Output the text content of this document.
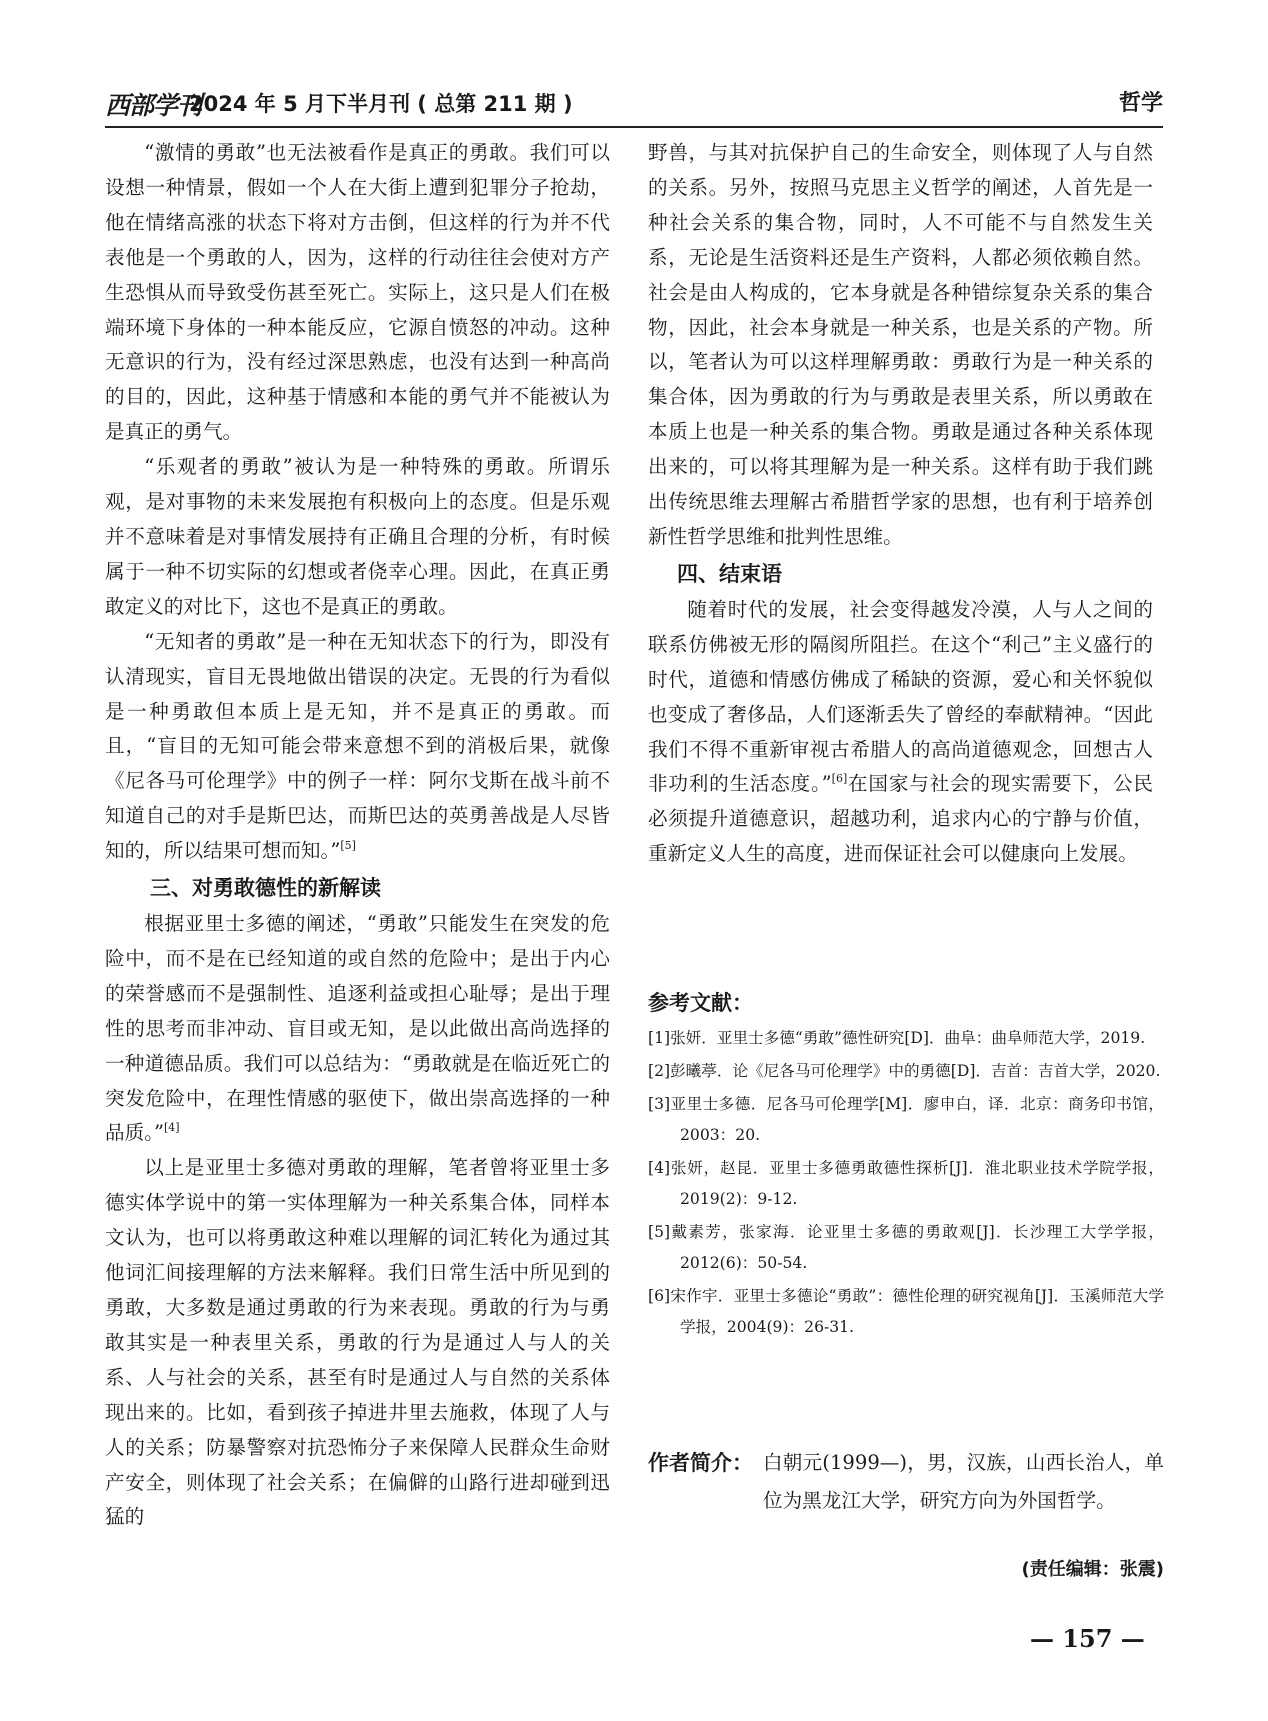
西部学刊
2024 年 5 月下半月刊 ( 总第 211 期 )	哲学

“激情的勇敢”也无法被看作是真正的勇敢。我们可以设想一种情景，假如一个人在大街上遭到犯罪分子抢劫，他在情绪高涨的状态下将对方击倒，但这样的行为并不代表他是一个勇敢的人，因为，这样的行动往往会使对方产生恐惧从而导致受伤甚至死亡。实际上，这只是人们在极端环境下身体的一种本能反应，它源自愤怒的冲动。这种无意识的行为，没有经过深思熟虑，也没有达到一种高尚的目的，因此，这种基于情感和本能的勇气并不能被认为是真正的勇气。

“乐观者的勇敢”被认为是一种特殊的勇敢。所谓乐观，是对事物的未来发展抱有积极向上的态度。但是乐观并不意味着是对事情发展持有正确且合理的分析，有时候属于一种不切实际的幻想或者侥幸心理。因此，在真正勇敢定义的对比下，这也不是真正的勇敢。

“无知者的勇敢”是一种在无知状态下的行为，即没有认清现实，盲目无畏地做出错误的决定。无畏的行为看似是一种勇敢但本质上是无知，并不是真正的勇敢。而且，“盲目的无知可能会带来意想不到的消极后果，就像《尼各马可伦理学》中的例子一样：阿尔戈斯在战斗前不知道自己的对手是斯巴达，而斯巴达的英勇善战是人尽皆知的，所以结果可想而知。”[5]

三、对勇敢德性的新解读

根据亚里士多德的阐述，“勇敢”只能发生在突发的危险中，而不是在已经知道的或自然的危险中；是出于内心的荣誉感而不是强制性、追逐利益或担心耻辱；是出于理性的思考而非冲动、盲目或无知，是以此做出高尚选择的一种道德品质。我们可以总结为：“勇敢就是在临近死亡的突发危险中，在理性情感的驱使下，做出崇高选择的一种品质。”[4]

以上是亚里士多德对勇敢的理解，笔者曾将亚里士多德实体学说中的第一实体理解为一种关系集合体，同样本文认为，也可以将勇敢这种难以理解的词汇转化为通过其他词汇间接理解的方法来解释。我们日常生活中所见到的勇敢，大多数是通过勇敢的行为来表现。勇敢的行为与勇敢其实是一种表里关系，勇敢的行为是通过人与人的关系、人与社会的关系，甚至有时是通过人与自然的关系体现出来的。比如，看到孩子掉进井里去施救，体现了人与人的关系；防暴警察对抗恐怖分子来保障人民群众生命财产安全，则体现了社会关系；在偏僻的山路行进却碰到迅猛的

野兽，与其对抗保护自己的生命安全，则体现了人与自然的关系。另外，按照马克思主义哲学的阐述，人首先是一种社会关系的集合物，同时，人不可能不与自然发生关系，无论是生活资料还是生产资料，人都必须依赖自然。社会是由人构成的，它本身就是各种错综复杂关系的集合物，因此，社会本身就是一种关系，也是关系的产物。所以，笔者认为可以这样理解勇敢：勇敢行为是一种关系的集合体，因为勇敢的行为与勇敢是表里关系，所以勇敢在本质上也是一种关系的集合物。勇敢是通过各种关系体现出来的，可以将其理解为是一种关系。这样有助于我们跳出传统思维去理解古希腊哲学家的思想，也有利于培养创新性哲学思维和批判性思维。

四、结束语

随着时代的发展，社会变得越发冷漠，人与人之间的联系仿佛被无形的隔阂所阻拦。在这个“利己”主义盛行的时代，道德和情感仿佛成了稀缺的资源，爱心和关怀貌似也变成了奢侈品，人们逐渐丢失了曾经的奉献精神。“因此我们不得不重新审视古希腊人的高尚道德观念，回想古人非功利的生活态度。”[6]在国家与社会的现实需要下，公民必须提升道德意识，超越功利，追求内心的宁静与价值，重新定义人生的高度，进而保证社会可以健康向上发展。

参考文献：
[1]张妍．亚里士多德“勇敢”德性研究[D]．曲阜：曲阜师范大学，2019.
[2]彭曦葶．论《尼各马可伦理学》中的勇德[D]．吉首：吉首大学，2020.
[3]亚里士多德．尼各马可伦理学[M]．廖申白，译．北京：商务印书馆，2003：20.
[4]张妍，赵昆．亚里士多德勇敢德性探析[J]．淮北职业技术学院学报，2019(2)：9-12.
[5]戴素芳，张家海．论亚里士多德的勇敢观[J]．长沙理工大学学报，2012(6)：50-54.
[6]宋作宇．亚里士多德论“勇敢”：德性伦理的研究视角[J]．玉溪师范大学学报，2004(9)：26-31.
作者简介： 白朝元(1999—)，男，汉族，山西长治人，单位为黑龙江大学，研究方向为外国哲学。
(责任编辑：张震)
— 157 —
